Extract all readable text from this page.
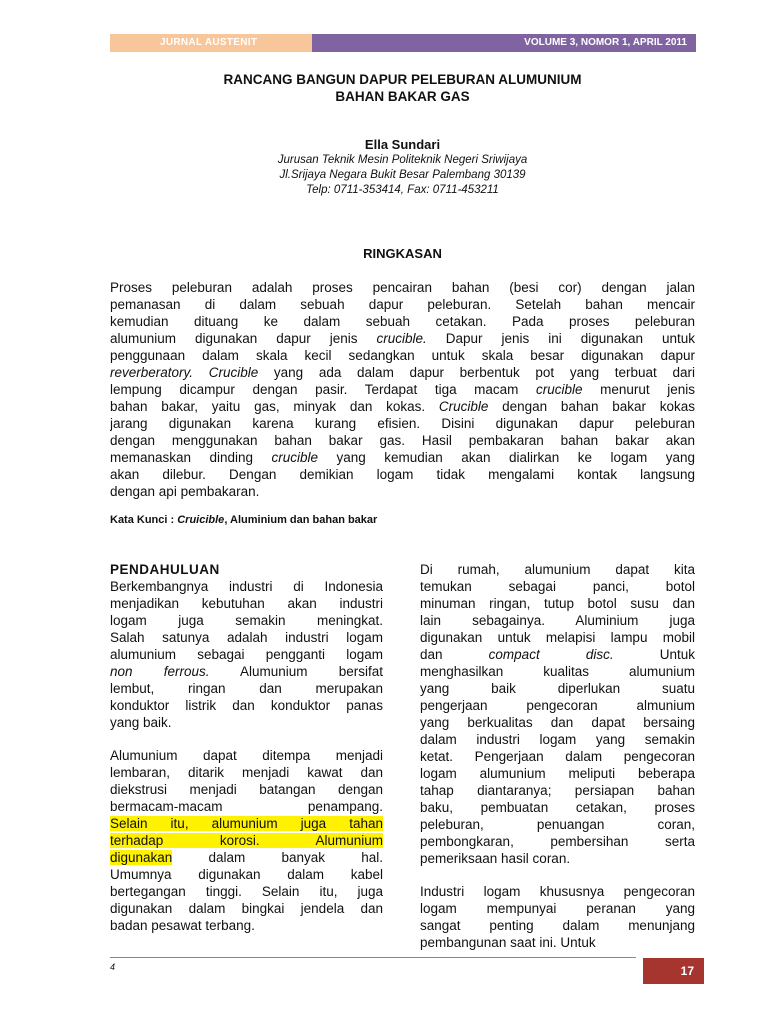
JURNAL AUSTENIT	VOLUME 3, NOMOR 1, APRIL 2011
RANCANG BANGUN DAPUR PELEBURAN ALUMUNIUM
BAHAN BAKAR GAS
Ella Sundari
Jurusan Teknik Mesin Politeknik Negeri Sriwijaya
Jl.Srijaya Negara Bukit Besar Palembang 30139
Telp: 0711-353414, Fax: 0711-453211
RINGKASAN
Proses peleburan adalah proses pencairan bahan (besi cor) dengan jalan
pemanasan di dalam sebuah dapur peleburan. Setelah bahan mencair
kemudian dituang ke dalam sebuah cetakan. Pada proses peleburan
alumunium digunakan dapur jenis crucible. Dapur jenis ini digunakan untuk
penggunaan dalam skala kecil sedangkan untuk skala besar digunakan dapur
reverberatory. Crucible yang ada dalam dapur berbentuk pot yang terbuat dari
lempung dicampur dengan pasir. Terdapat tiga macam crucible menurut jenis
bahan bakar, yaitu gas, minyak dan kokas. Crucible dengan bahan bakar kokas
jarang digunakan karena kurang efisien. Disini digunakan dapur peleburan
dengan menggunakan bahan bakar gas. Hasil pembakaran bahan bakar akan
memanaskan dinding crucible yang kemudian akan dialirkan ke logam yang
akan dilebur. Dengan demikian logam tidak mengalami kontak langsung
dengan api pembakaran.
Kata Kunci : Cruicible, Aluminium dan bahan bakar
PENDAHULUAN
Berkembangnya industri di Indonesia
menjadikan kebutuhan akan industri
logam juga semakin meningkat.
Salah satunya adalah industri logam
alumunium sebagai pengganti logam
non ferrous. Alumunium bersifat
lembut, ringan dan merupakan
konduktor listrik dan konduktor panas
yang baik.
Alumunium dapat ditempa menjadi
lembaran, ditarik menjadi kawat dan
diekstrusi menjadi batangan dengan
bermacam-macam penampang.
Selain itu, alumunium juga tahan
terhadap korosi. Alumunium
digunakan dalam banyak hal.
Umumnya digunakan dalam kabel
bertegangan tinggi. Selain itu, juga
digunakan dalam bingkai jendela dan
badan pesawat terbang.
Di rumah, alumunium dapat kita
temukan sebagai panci, botol
minuman ringan, tutup botol susu dan
lain sebagainya. Aluminium juga
digunakan untuk melapisi lampu mobil
dan compact disc. Untuk
menghasilkan kualitas alumunium
yang baik diperlukan suatu
pengerjaan pengecoran almunium
yang berkualitas dan dapat bersaing
dalam industri logam yang semakin
ketat. Pengerjaan dalam pengecoran
logam alumunium meliputi beberapa
tahap diantaranya; persiapan bahan
baku, pembuatan cetakan, proses
peleburan, penuangan coran,
pembongkaran, pembersihan serta
pemeriksaan hasil coran.
Industri logam khususnya pengecoran
logam mempunyai peranan yang
sangat penting dalam menunjang
pembangunan saat ini. Untuk
4	17
